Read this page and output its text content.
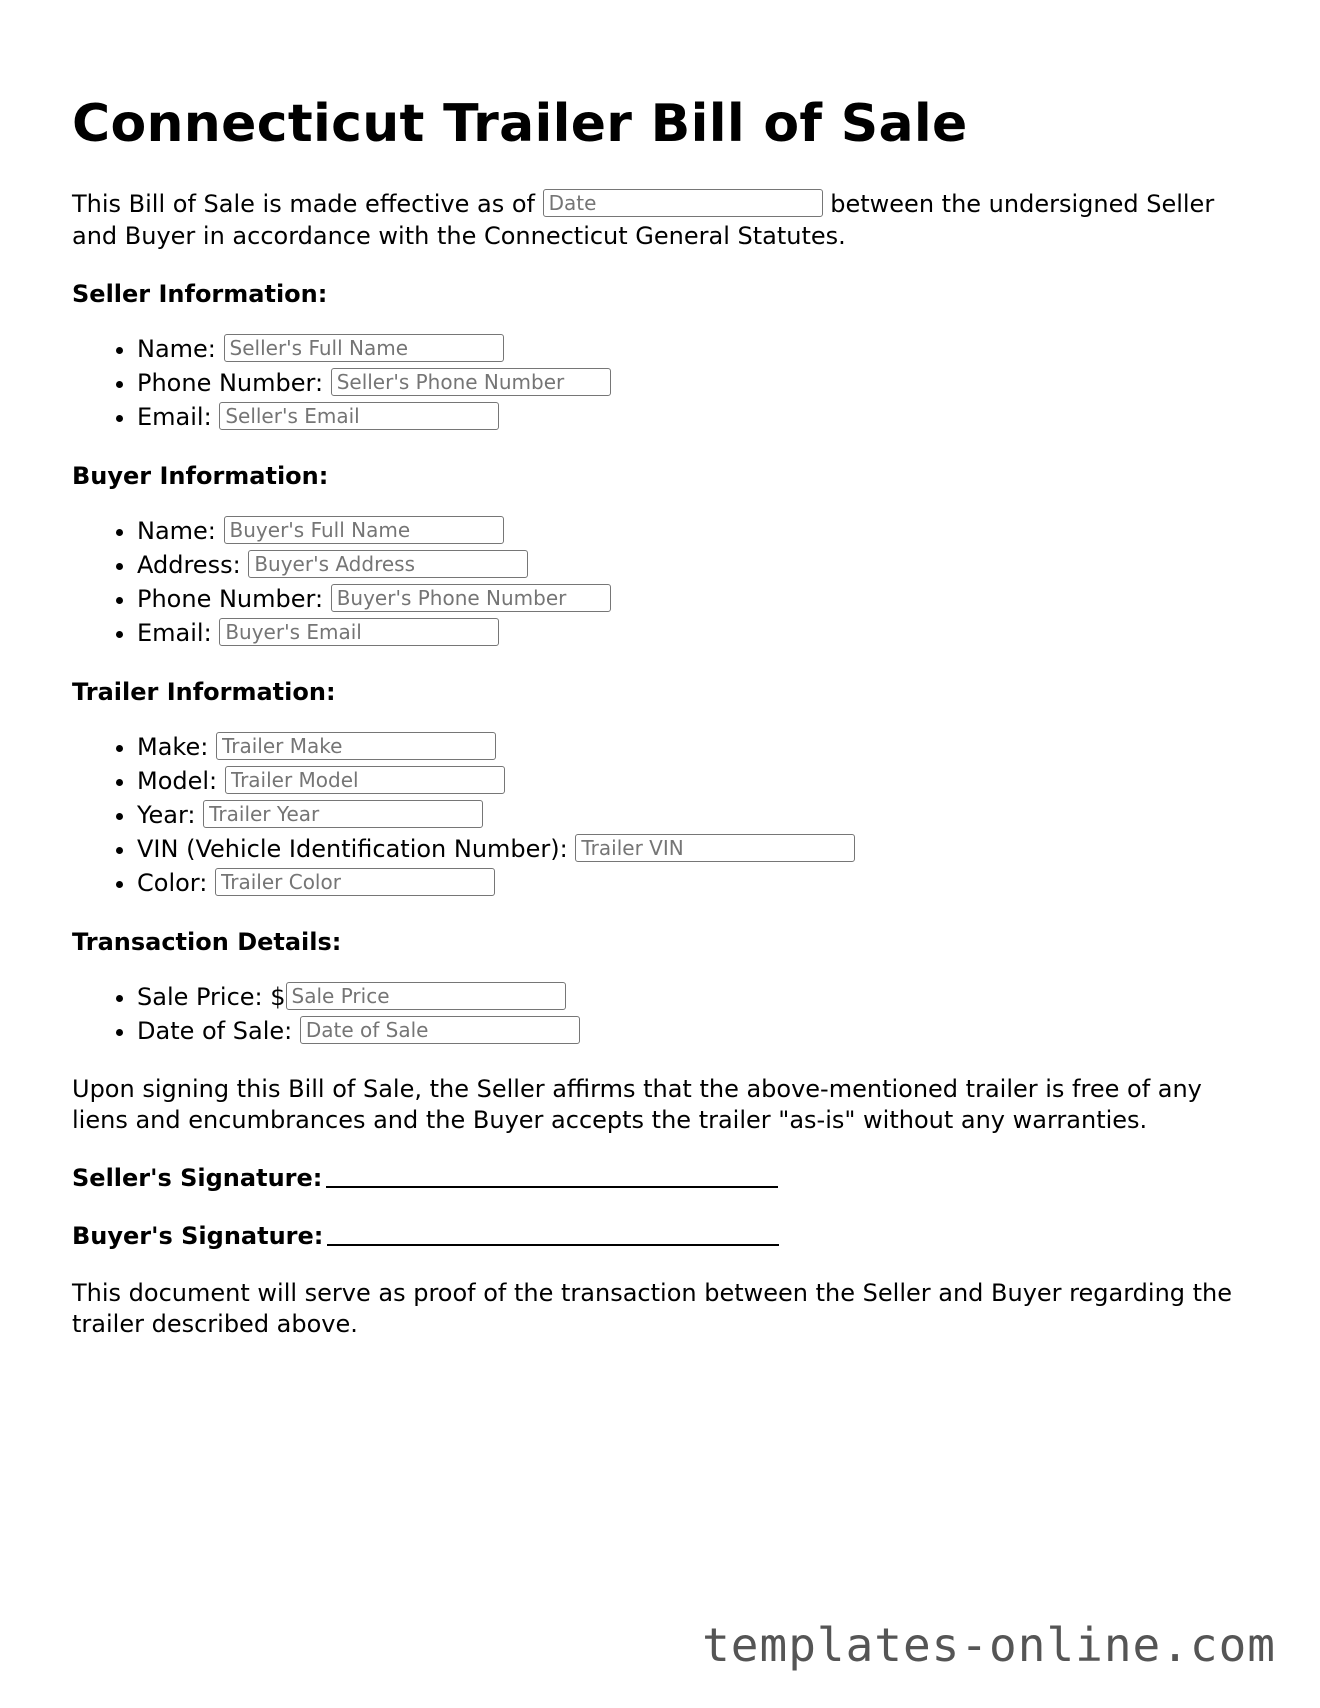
Connecticut Trailer Bill of Sale

This Bill of Sale is made effective as of Date	between the undersigned Seller and Buyer in accordance with the Connecticut General Statutes.

Seller Information:
• Name: Seller's Full Name
• Phone Number: Seller's Phone Number
• Email: Seller's Email
Buyer Information:
• Name: Buyer's Full Name
• Address: Buyer's Address
• Phone Number: Buyer's Phone Number
• Email: Buyer's Email
Trailer Information:
• Make: Trailer Make
• Model: Trailer Model
• Year: Trailer Year
• VIN (Vehicle Identification Number): Trailer VIN
• Color: Trailer Color
Transaction Details:
• Sale Price: $Sale Price
• Date of Sale: Date of Sale

Upon signing this Bill of Sale, the Seller affirms that the above-mentioned trailer is free of any liens and encumbrances and the Buyer accepts the trailer "as-is" without any warranties.

Seller's Signature:

Buyer's Signature:

This document will serve as proof of the transaction between the Seller and Buyer regarding the trailer described above.

templates-online.com
